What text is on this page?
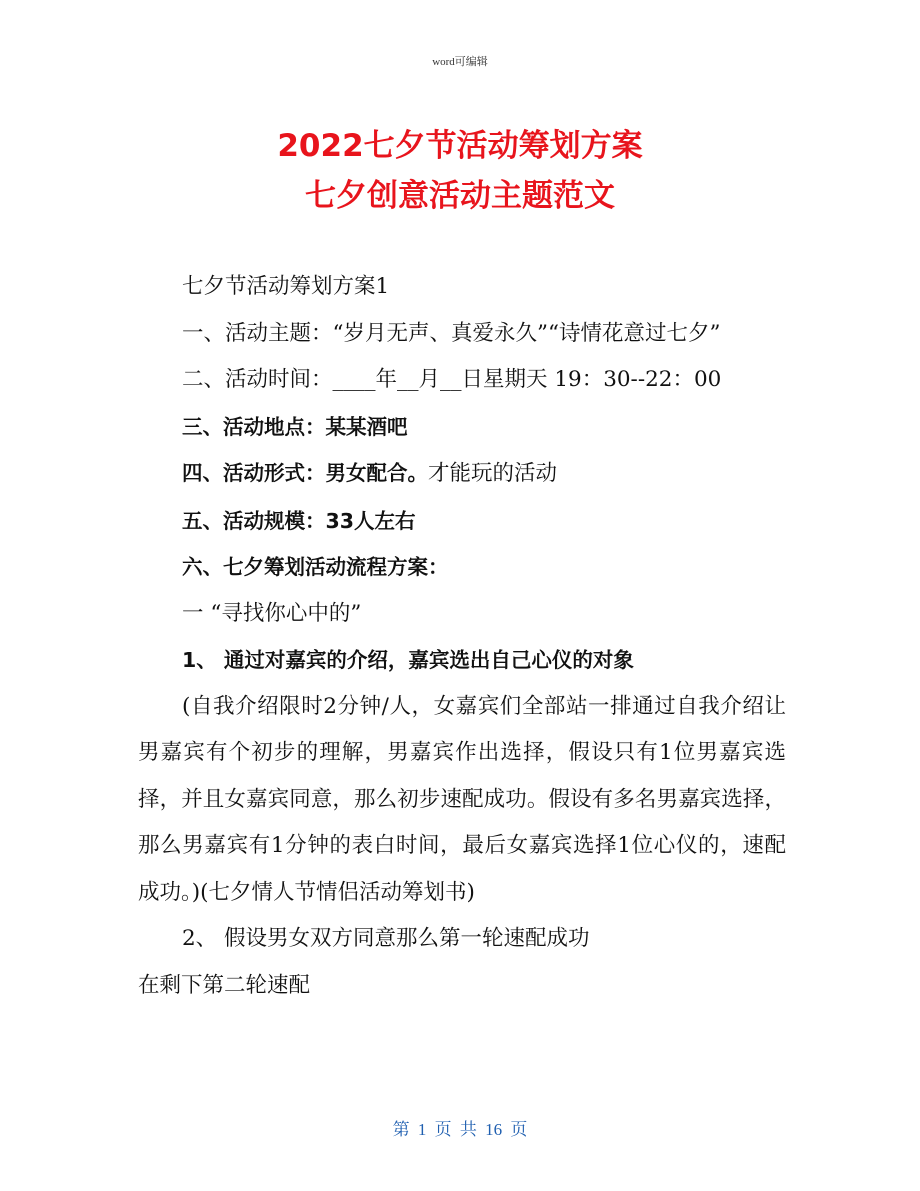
word可编辑
2022七夕节活动筹划方案
七夕创意活动主题范文

七夕节活动筹划方案1

一、活动主题：“岁月无声、真爱永久”“诗情花意过七夕”

二、活动时间：____年__月__日星期天 19：30--22：00

三、活动地点：某某酒吧

四、活动形式：男女配合。才能玩的活动

五、活动规模：33人左右

六、七夕筹划活动流程方案：

一 “寻找你心中的”

1、 通过对嘉宾的介绍，嘉宾选出自己心仪的对象

(自我介绍限时2分钟/人，女嘉宾们全部站一排通过自我介绍让男嘉宾有个初步的理解，男嘉宾作出选择，假设只有1位男嘉宾选择，并且女嘉宾同意，那么初步速配成功。假设有多名男嘉宾选择，那么男嘉宾有1分钟的表白时间，最后女嘉宾选择1位心仪的，速配成功。)(七夕情人节情侣活动筹划书)

2、 假设男女双方同意那么第一轮速配成功

在剩下第二轮速配

第 1 页 共 16 页
